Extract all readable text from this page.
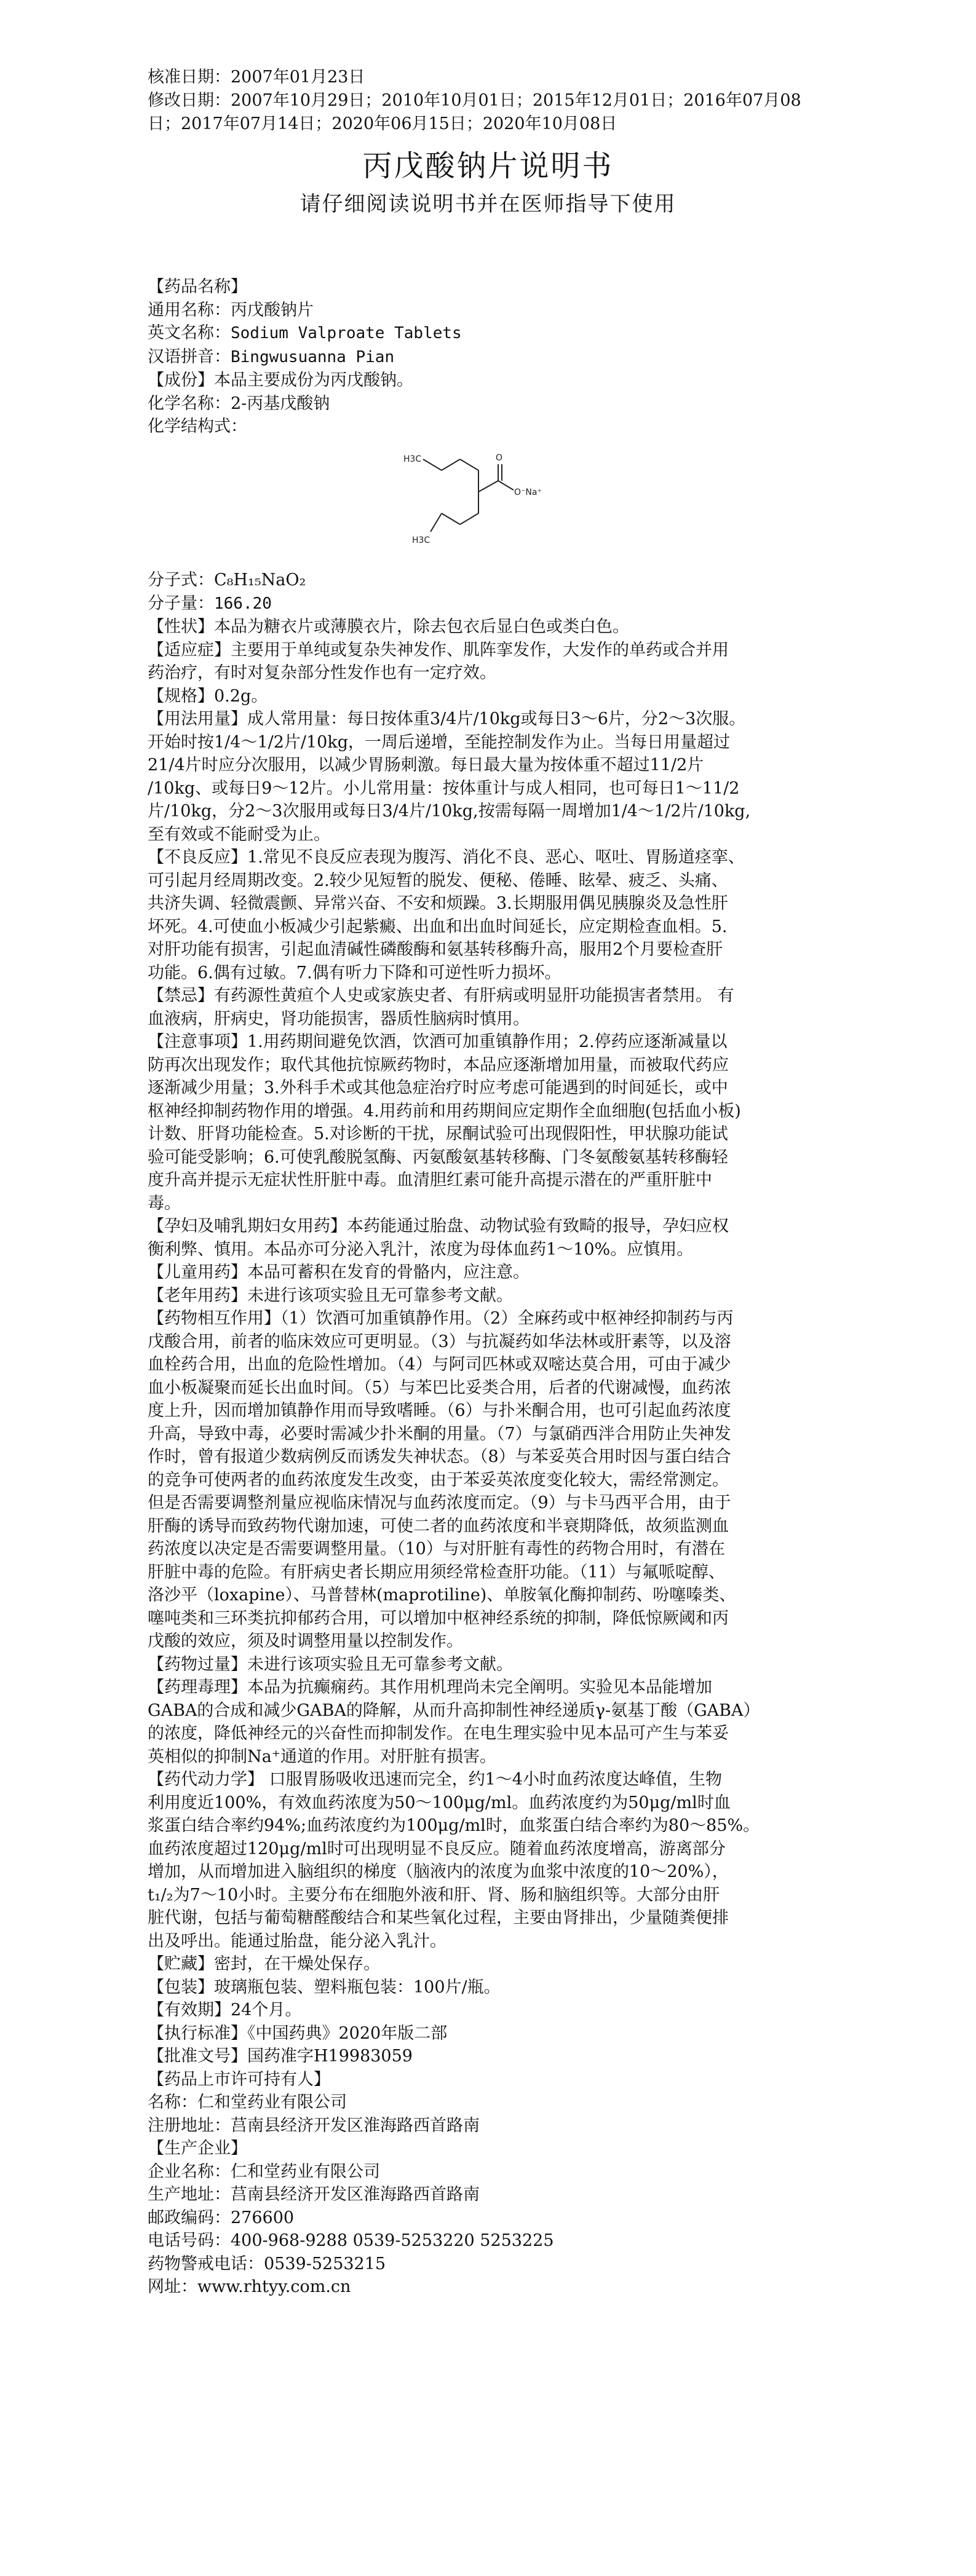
核准日期：2007年01月23日
修改日期：2007年10月29日；2010年10月01日；2015年12月01日；2016年07月08
日；2017年07月14日；2020年06月15日；2020年10月08日
丙戊酸钠片说明书
请仔细阅读说明书并在医师指导下使用
【药品名称】
通用名称：丙戊酸钠片
英文名称：Sodium Valproate Tablets
汉语拼音：Bingwusuanna Pian
【成份】本品主要成份为丙戊酸钠。
化学名称：2-丙基戊酸钠
化学结构式：
H3C	O
O⁻Na⁺
H3C
分子式：C₈H₁₅NaO₂
分子量：166.20
【性状】本品为糖衣片或薄膜衣片，除去包衣后显白色或类白色。
【适应症】主要用于单纯或复杂失神发作、肌阵挛发作，大发作的单药或合并用
药治疗，有时对复杂部分性发作也有一定疗效。
【规格】0.2g。
【用法用量】成人常用量：每日按体重3/4片/10kg或每日3～6片，分2～3次服。
开始时按1/4～1/2片/10kg，一周后递增，至能控制发作为止。当每日用量超过
21/4片时应分次服用，以减少胃肠刺激。每日最大量为按体重不超过11/2片
/10kg、或每日9～12片。小儿常用量：按体重计与成人相同，也可每日1～11/2
片/10kg，分2～3次服用或每日3/4片/10kg,按需每隔一周增加1/4～1/2片/10kg,
至有效或不能耐受为止。
【不良反应】1.常见不良反应表现为腹泻、消化不良、恶心、呕吐、胃肠道痉挛、
可引起月经周期改变。2.较少见短暂的脱发、便秘、倦睡、眩晕、疲乏、头痛、
共济失调、轻微震颤、异常兴奋、不安和烦躁。3.长期服用偶见胰腺炎及急性肝
坏死。4.可使血小板减少引起紫癜、出血和出血时间延长，应定期检查血相。5.
对肝功能有损害，引起血清碱性磷酸酶和氨基转移酶升高，服用2个月要检查肝
功能。6.偶有过敏。7.偶有听力下降和可逆性听力损坏。
【禁忌】有药源性黄疸个人史或家族史者、有肝病或明显肝功能损害者禁用。 有
血液病，肝病史，肾功能损害，器质性脑病时慎用。
【注意事项】1.用药期间避免饮酒，饮酒可加重镇静作用；2.停药应逐渐减量以
防再次出现发作；取代其他抗惊厥药物时，本品应逐渐增加用量，而被取代药应
逐渐减少用量；3.外科手术或其他急症治疗时应考虑可能遇到的时间延长，或中
枢神经抑制药物作用的增强。4.用药前和用药期间应定期作全血细胞(包括血小板)
计数、肝肾功能检查。5.对诊断的干扰，尿酮试验可出现假阳性，甲状腺功能试
验可能受影响；6.可使乳酸脱氢酶、丙氨酸氨基转移酶、门冬氨酸氨基转移酶轻
度升高并提示无症状性肝脏中毒。血清胆红素可能升高提示潜在的严重肝脏中
毒。
【孕妇及哺乳期妇女用药】本药能通过胎盘、动物试验有致畸的报导，孕妇应权
衡利弊、慎用。本品亦可分泌入乳汁，浓度为母体血药1～10%。应慎用。
【儿童用药】本品可蓄积在发育的骨骼内，应注意。
【老年用药】未进行该项实验且无可靠参考文献。
【药物相互作用】（1）饮酒可加重镇静作用。（2）全麻药或中枢神经抑制药与丙
戊酸合用，前者的临床效应可更明显。（3）与抗凝药如华法林或肝素等，以及溶
血栓药合用，出血的危险性增加。（4）与阿司匹林或双嘧达莫合用，可由于减少
血小板凝聚而延长出血时间。（5）与苯巴比妥类合用，后者的代谢减慢，血药浓
度上升，因而增加镇静作用而导致嗜睡。（6）与扑米酮合用，也可引起血药浓度
升高，导致中毒，必要时需减少扑米酮的用量。（7）与氯硝西泮合用防止失神发
作时，曾有报道少数病例反而诱发失神状态。（8）与苯妥英合用时因与蛋白结合
的竞争可使两者的血药浓度发生改变，由于苯妥英浓度变化较大，需经常测定。
但是否需要调整剂量应视临床情况与血药浓度而定。（9）与卡马西平合用，由于
肝酶的诱导而致药物代谢加速，可使二者的血药浓度和半衰期降低，故须监测血
药浓度以决定是否需要调整用量。（10）与对肝脏有毒性的药物合用时，有潜在
肝脏中毒的危险。有肝病史者长期应用须经常检查肝功能。（11）与氟哌啶醇、
洛沙平（loxapine）、马普替林(maprotiline)、单胺氧化酶抑制药、吩噻嗪类、
噻吨类和三环类抗抑郁药合用，可以增加中枢神经系统的抑制，降低惊厥阈和丙
戊酸的效应，须及时调整用量以控制发作。
【药物过量】未进行该项实验且无可靠参考文献。
【药理毒理】本品为抗癫痫药。其作用机理尚未完全阐明。实验见本品能增加
GABA的合成和减少GABA的降解，从而升高抑制性神经递质γ-氨基丁酸（GABA）
的浓度，降低神经元的兴奋性而抑制发作。在电生理实验中见本品可产生与苯妥
英相似的抑制Na⁺通道的作用。对肝脏有损害。
【药代动力学】 口服胃肠吸收迅速而完全，约1～4小时血药浓度达峰值，生物
利用度近100%，有效血药浓度为50～100μg/ml。血药浓度约为50μg/ml时血
浆蛋白结合率约94%;血药浓度约为100μg/ml时，血浆蛋白结合率约为80～85%。
血药浓度超过120μg/ml时可出现明显不良反应。随着血药浓度增高，游离部分
增加，从而增加进入脑组织的梯度（脑液内的浓度为血浆中浓度的10～20%），
t₁/₂为7～10小时。主要分布在细胞外液和肝、肾、肠和脑组织等。大部分由肝
脏代谢，包括与葡萄糖醛酸结合和某些氧化过程，主要由肾排出，少量随粪便排
出及呼出。能通过胎盘，能分泌入乳汁。
【贮藏】密封，在干燥处保存。
【包装】玻璃瓶包装、塑料瓶包装：100片/瓶。
【有效期】24个月。
【执行标准】《中国药典》2020年版二部
【批准文号】国药准字H19983059
【药品上市许可持有人】
名称：仁和堂药业有限公司
注册地址：莒南县经济开发区淮海路西首路南
【生产企业】
企业名称：仁和堂药业有限公司
生产地址：莒南县经济开发区淮海路西首路南
邮政编码：276600
电话号码：400-968-9288 0539-5253220 5253225
药物警戒电话：0539-5253215
网址：www.rhtyy.com.cn
